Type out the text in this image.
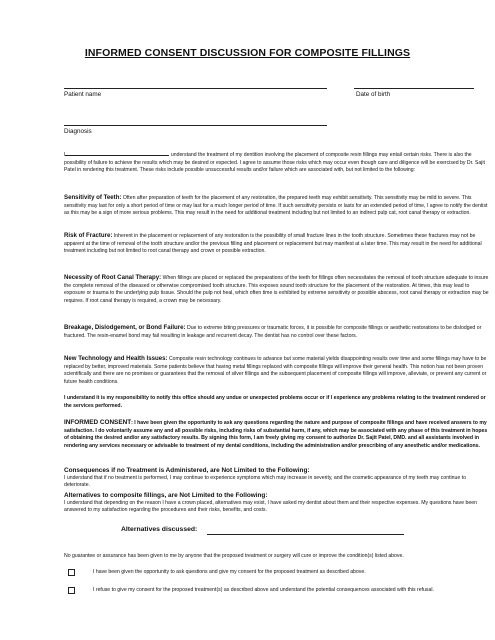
INFORMED CONSENT DISCUSSION FOR COMPOSITE FILLINGS
Patient name	Date of birth
Diagnosis

I	understand the treatment of my dentition involving the placement of composite resin fillings may entail certain risks. There is also the possibility of failure to achieve the results which may be desired or expected. I agree to assume those risks which may occur even though care and diligence will be exercised by Dr. Sajit Patel in rendering this treatment. These risks include possible unsuccessful results and/or failure which are associated with, but not limited to the following:

Sensitivity of Teeth: Often after preparation of teeth for the placement of any restoration, the prepared teeth may exhibit sensitivity. This sensitivity may be mild to severe. This sensitivity may last for only a short period of time or may last for a much longer period of time. If such sensitivity persists or lasts for an extended period of time, I agree to notify the dentist as this may be a sign of more serious problems. This may result in the need for additional treatment including but not limited to an indirect pulp cat, root canal therapy or extraction.

Risk of Fracture: Inherent in the placement or replacement of any restoration is the possibility of small fracture lines in the tooth structure. Sometimes these fractures may not be apparent at the time of removal of the tooth structure and/or the previous filling and placement or replacement but may manifest at a later time. This may result in the need for additional treatment including but not limited to root canal therapy and crown or possible extraction.

Necessity of Root Canal Therapy: When fillings are placed or replaced the preparations of the teeth for fillings often necessitates the removal of tooth structure adequate to insure the complete removal of the diseased or otherwise compromised tooth structure. This exposes sound tooth structure for the placement of the restoration. At times, this may lead to exposure or trauma to the underlying pulp tissue. Should the pulp not heal, which often time is exhibited by extreme sensitivity or possible abscess, root canal therapy or extraction may be requires. If root canal therapy is required, a crown may be necessary.

Breakage, Dislodgement, or Bond Failure: Due to extreme biting pressures or traumatic forces, it is possible for composite fillings or aesthetic restorations to be dislodged or fractured. The resin-enamel bond may fail resulting in leakage and recurrent decay. The dentist has no control over these factors.

New Technology and Health Issues: Composite resin technology continues to advance but some material yields disappointing results over time and some fillings may have to be replaced by better, improved materials. Some patients believe that having metal fillings replaced with composite fillings will improve their general health. This notion has not been proven scientifically and there are no promises or guarantees that the removal of silver fillings and the subsequent placement of composite fillings will improve, alleviate, or prevent any current or future health conditions.

I understand it is my responsibility to notify this office should any undue or unexpected problems occur or if I experience any problems relating to the treatment rendered or the services performed.

INFORMED CONSENT: I have been given the opportunity to ask any questions regarding the nature and purpose of composite fillings and have received answers to my satisfaction. I do voluntarily assume any and all possible risks, including risks of substantial harm, if any, which may be associated with any phase of this treatment in hopes of obtaining the desired and/or any satisfactory results. By signing this form, I am freely giving my consent to authorize Dr. Sajit Patel, DMD. and all assistants involved in rendering any services necessary or advisable to treatment of my dental conditions, including the administration and/or prescribing of any anesthetic and/or medications.

Consequences if no Treatment is Administered, are Not Limited to the Following:

I understand that if no treatment is performed, I may continue to experience symptoms which may increase in severity, and the cosmetic appearance of my teeth may continue to deteriorate.

Alternatives to composite fillings, are Not Limited to the Following:

I understand that depending on the reason I have a crown placed, alternatives may exist, I have asked my dentist about them and their respective expenses. My questions have been answered to my satisfaction regarding the procedures and their risks, benefits, and costs.

Alternatives discussed:
No guarantee or assurance has been given to me by anyone that the proposed treatment or surgery will cure or improve the condition(s) listed above.
I have been given the opportunity to ask questions and give my consent for the proposed treatment as described above.
I refuse to give my consent for the proposed treatment(s) as described above and understand the potential consequences associated with this refusal.
